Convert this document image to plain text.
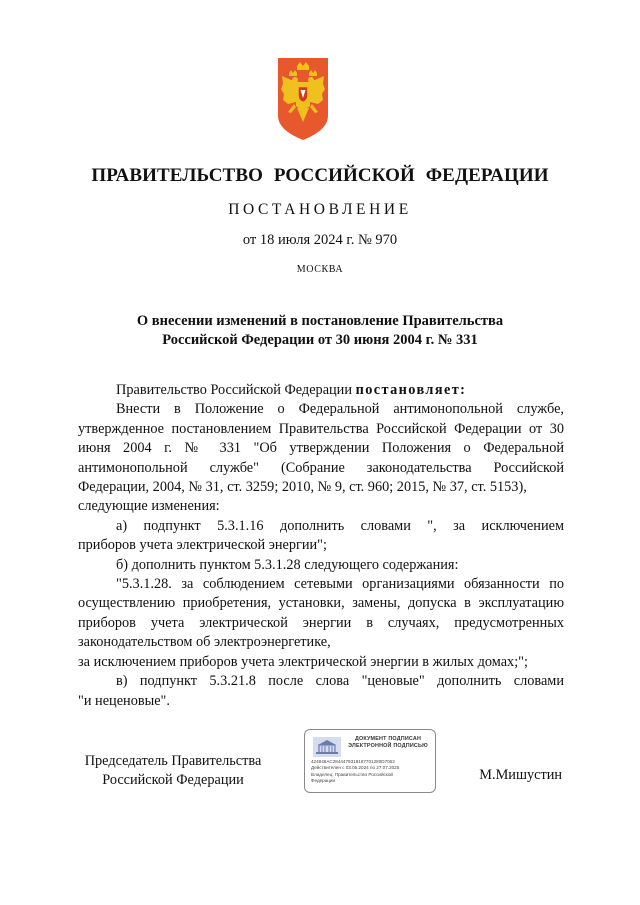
ПРАВИТЕЛЬСТВО РОССИЙСКОЙ ФЕДЕРАЦИИ
ПОСТАНОВЛЕНИЕ
от 18 июля 2024 г. № 970
МОСКВА
О внесении изменений в постановление Правительства
Российской Федерации от 30 июня 2004 г. № 331

Правительство Российской Федерации постановляет:

Внести в Положение о Федеральной антимонопольной службе, утвержденное постановлением Правительства Российской Федерации от 30 июня 2004 г. № 331 "Об утверждении Положения о Федеральной антимонопольной службе" (Собрание законодательства Российской Федерации, 2004, № 31, ст. 3259; 2010, № 9, ст. 960; 2015, № 37, ст. 5153),

следующие изменения:

а) подпункт 5.3.1.16 дополнить словами ", за исключением

приборов учета электрической энергии";

б) дополнить пунктом 5.3.1.28 следующего содержания:

"5.3.1.28. за соблюдением сетевыми организациями обязанности по осуществлению приобретения, установки, замены, допуска в эксплуатацию приборов учета электрической энергии в случаях, предусмотренных законодательством об электроэнергетике,

за исключением приборов учета электрической энергии в жилых домах;";

в) подпункт 5.3.21.8 после слова "ценовые" дополнить словами

"и неценовые".

Председатель Правительства
Российской Федерации
ДОКУМЕНТ ПОДПИСАН
ЭЛЕКТРОННОЙ ПОДПИСЬЮ
424848AC2844479319187701280D7062
Действителен с 03.05.2024 по 27.07.2025
Владелец: Правительство Российской
Федерации	М.Мишустин
